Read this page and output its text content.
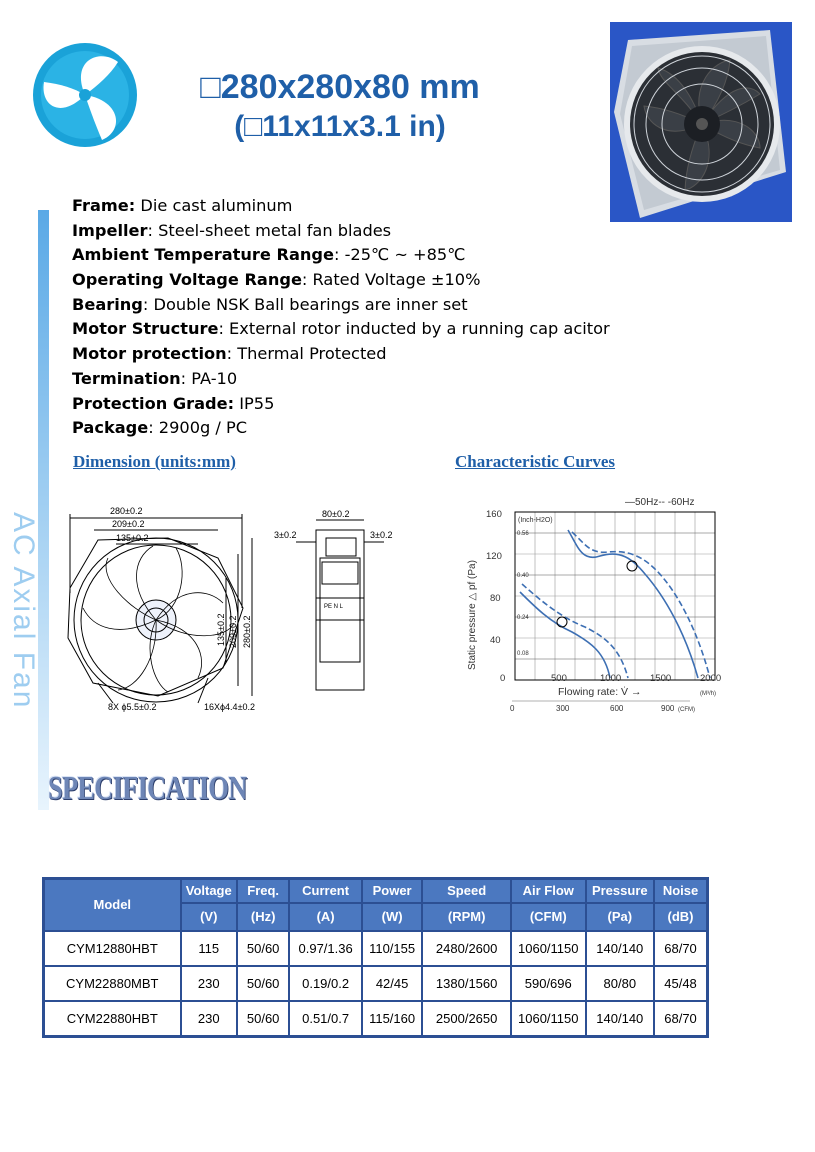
□280x280x80 mm
(□11x11x3.1 in)
AC Axial Fan
Frame: Die cast aluminum
Impeller: Steel-sheet metal fan blades
Ambient Temperature Range: -25℃ ~ +85℃
Operating Voltage Range: Rated Voltage ±10%
Bearing: Double NSK Ball bearings are inner set
Motor Structure: External rotor inducted by a running cap acitor
Motor protection: Thermal Protected
Termination: PA-10
Protection Grade: IP55
Package: 2900g / PC
Dimension (units:mm)	Characteristic Curves
280±0.2
209±0.2
135±0.2
80±0.2
3±0.2	3±0.2
PE N L
8X ϕ5.5±0.2	16Xϕ4.4±0.2
135±0.2 209±0.2 280±0.2
—50Hz-- -60Hz
(Inch-H2O)
0.56
0.40
0.24
0.08
160
120
80
40
Static pressure △ pf (Pa)
0	500	1000	1500	2000
Flowing rate: V̇ →	(M³/h)
0	300	600	900 (CFM)
SPECIFICATION
Model	Voltage	Freq.	Current	Power	Speed	Air Flow	Pressure	Noise
	(V)	(Hz)	(A)	(W)	(RPM)	(CFM)	(Pa)	(dB)
CYM12880HBT	115	50/60	0.97/1.36	110/155	2480/2600	1060/1150	140/140	68/70
CYM22880MBT	230	50/60	0.19/0.2	42/45	1380/1560	590/696	80/80	45/48
CYM22880HBT	230	50/60	0.51/0.7	115/160	2500/2650	1060/1150	140/140	68/70
